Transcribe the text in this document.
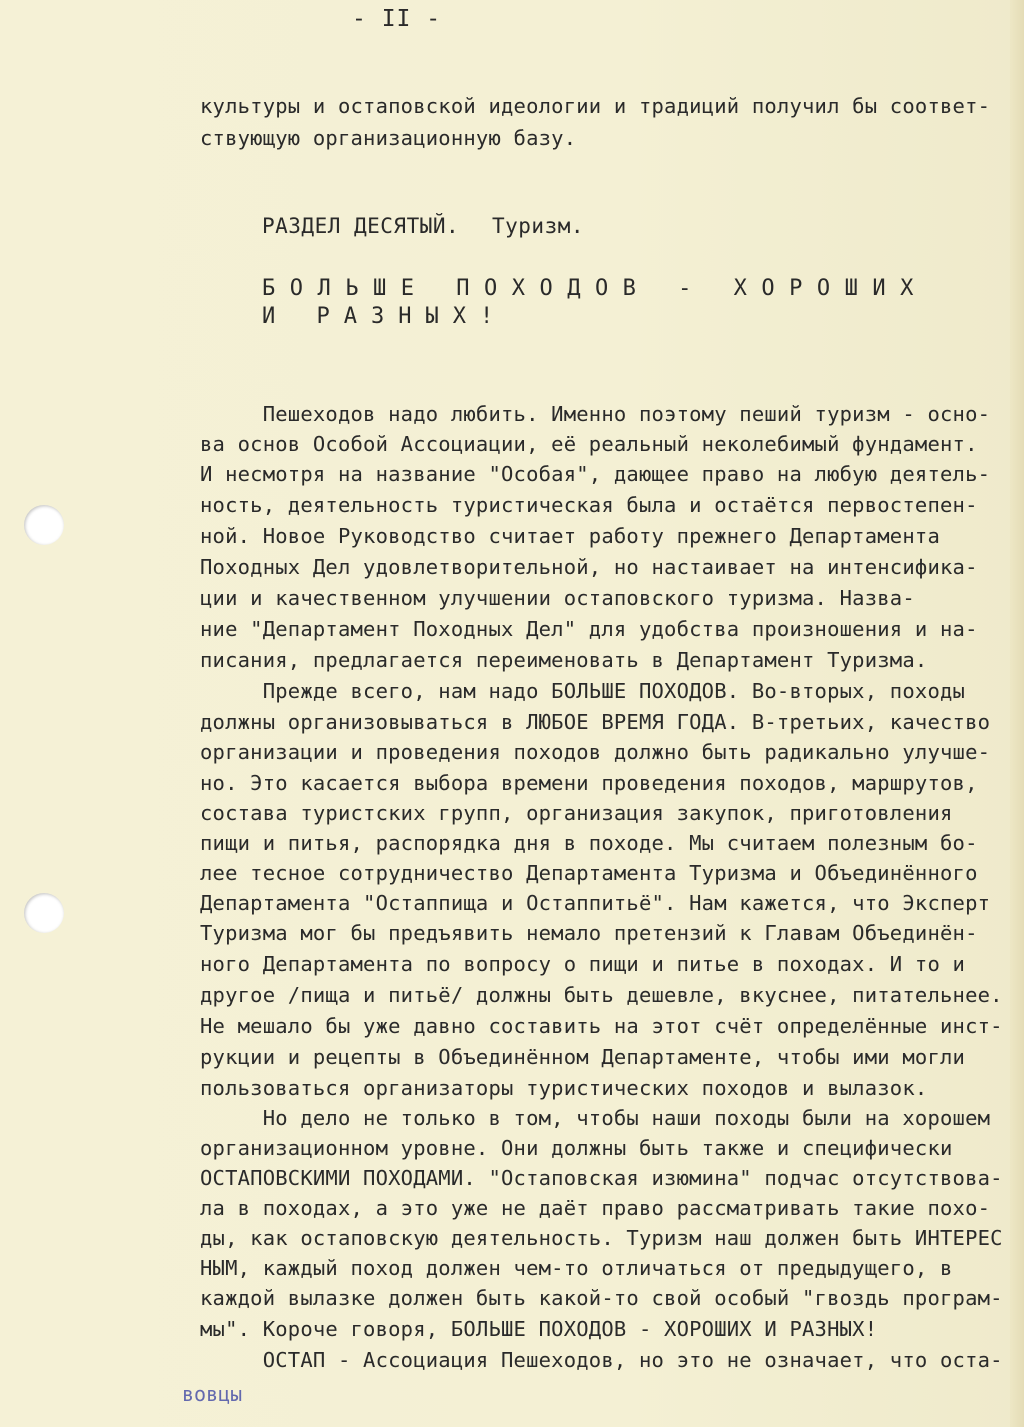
- II -
культуры и остаповской идеологии и традиций получил бы соответ-
ствующую организационную базу.
РАЗДЕЛ ДЕСЯТЫЙ. Туризм.
БОЛЬШЕ ПОХОДОВ - ХОРОШИХ
И РАЗНЫХ!
Пешеходов надо любить. Именно поэтому пеший туризм - осно-
ва основ Особой Ассоциации, её реальный неколебимый фундамент.
И несмотря на название "Особая", дающее право на любую деятель-
ность, деятельность туристическая была и остаётся первостепен-
ной. Новое Руководство считает работу прежнего Департамента
Походных Дел удовлетворительной, но настаивает на интенсифика-
ции и качественном улучшении остаповского туризма. Назва-
ние "Департамент Походных Дел" для удобства произношения и на-
писания, предлагается переименовать в Департамент Туризма.
Прежде всего, нам надо БОЛЬШЕ ПОХОДОВ. Во-вторых, походы
должны организовываться в ЛЮБОЕ ВРЕМЯ ГОДА. В-третьих, качество
организации и проведения походов должно быть радикально улучше-
но. Это касается выбора времени проведения походов, маршрутов,
состава туристских групп, организация закупок, приготовления
пищи и питья, распорядка дня в походе. Мы считаем полезным бо-
лее тесное сотрудничество Департамента Туризма и Объединённого
Департамента "Остаппища и Остаппитьё". Нам кажется, что Эксперт
Туризма мог бы предъявить немало претензий к Главам Объединён-
ного Департамента по вопросу о пищи и питье в походах. И то и
другое /пища и питьё/ должны быть дешевле, вкуснее, питательнее.
Не мешало бы уже давно составить на этот счёт определённые инст-
рукции и рецепты в Объединённом Департаменте, чтобы ими могли
пользоваться организаторы туристических походов и вылазок.
Но дело не только в том, чтобы наши походы были на хорошем
организационном уровне. Они должны быть также и специфически
ОСТАПОВСКИМИ ПОХОДАМИ. "Остаповская изюмина" подчас отсутствова-
ла в походах, а это уже не даёт право рассматривать такие похо-
ды, как остаповскую деятельность. Туризм наш должен быть ИНТЕРЕС
НЫМ, каждый поход должен чем-то отличаться от предыдущего, в
каждой вылазке должен быть какой-то свой особый "гвоздь програм-
мы". Короче говоря, БОЛЬШЕ ПОХОДОВ - ХОРОШИХ И РАЗНЫХ!
ОСТАП - Ассоциация Пешеходов, но это не означает, что оста-
вовцы
